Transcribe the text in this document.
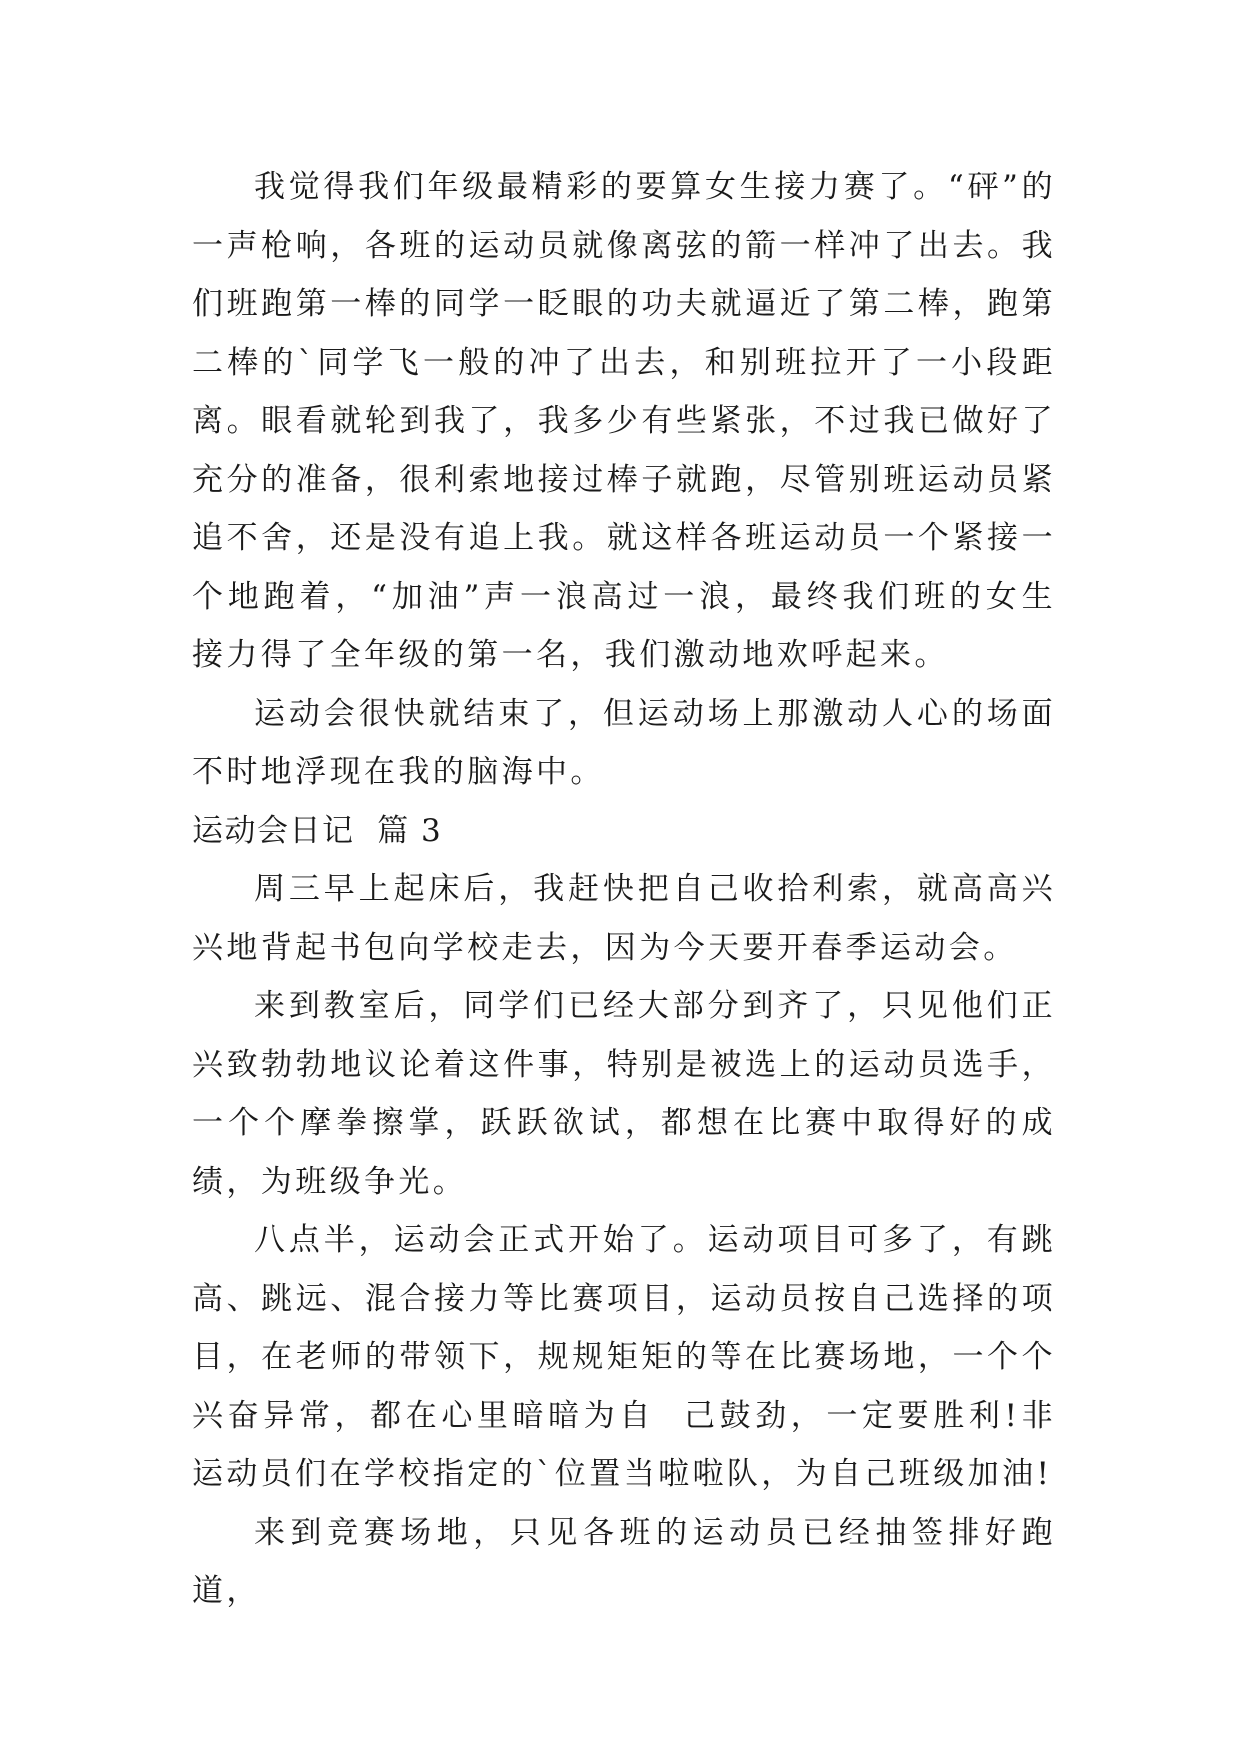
我觉得我们年级最精彩的要算女生接力赛了。“砰”的一声枪响，各班的运动员就像离弦的箭一样冲了出去。我们班跑第一棒的同学一眨眼的功夫就逼近了第二棒，跑第二棒的`同学飞一般的冲了出去，和别班拉开了一小段距离。眼看就轮到我了，我多少有些紧张，不过我已做好了充分的准备，很利索地接过棒子就跑，尽管别班运动员紧追不舍，还是没有追上我。就这样各班运动员一个紧接一个地跑着，“加油”声一浪高过一浪，最终我们班的女生接力得了全年级的第一名，我们激动地欢呼起来。

运动会很快就结束了，但运动场上那激动人心的场面不时地浮现在我的脑海中。

运动会日记  篇 3

周三早上起床后，我赶快把自己收拾利索，就高高兴兴地背起书包向学校走去，因为今天要开春季运动会。

来到教室后，同学们已经大部分到齐了，只见他们正兴致勃勃地议论着这件事，特别是被选上的运动员选手，一个个摩拳擦掌，跃跃欲试，都想在比赛中取得好的成绩，为班级争光。

八点半，运动会正式开始了。运动项目可多了，有跳高、跳远、混合接力等比赛项目，运动员按自己选择的项目，在老师的带领下，规规矩矩的等在比赛场地，一个个兴奋异常，都在心里暗暗为自  己鼓劲，一定要胜利!非运动员们在学校指定的`位置当啦啦队，为自己班级加油!

来到竞赛场地，只见各班的运动员已经抽签排好跑道，
